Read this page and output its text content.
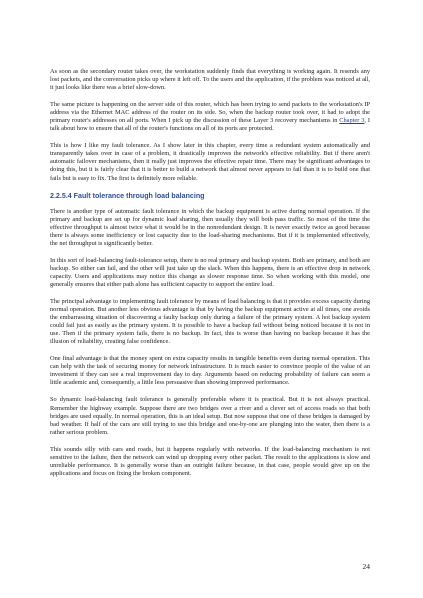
As soon as the secondary router takes over, the workstation suddenly finds that everything is working again. It resends any lost packets, and the conversation picks up where it left off. To the users and the application, if the problem was noticed at all, it just looks like there was a brief slow-down.

The same picture is happening on the server side of this router, which has been trying to send packets to the workstation's IP address via the Ethernet MAC address of the router on its side. So, when the backup router took over, it had to adopt the primary router's addresses on all ports. When I pick up the discussion of these Layer 3 recovery mechanisms in Chapter 3, I talk about how to ensure that all of the router's functions on all of its ports are protected.

This is how I like my fault tolerance. As I show later in this chapter, every time a redundant system automatically and transparently takes over in case of a problem, it drastically improves the network's effective reliability. But if there aren't automatic failover mechanisms, then it really just improves the effective repair time. There may be significant advantages to doing this, but it is fairly clear that it is better to build a network that almost never appears to fail than it is to build one that fails but is easy to fix. The first is definitely more reliable.

2.2.5.4 Fault tolerance through load balancing

There is another type of automatic fault tolerance in which the backup equipment is active during normal operation. If the primary and backup are set up for dynamic load sharing, then usually they will both pass traffic. So most of the time the effective throughput is almost twice what it would be in the nonredundant design. It is never exactly twice as good because there is always some inefficiency or lost capacity due to the load-sharing mechanisms. But if it is implemented effectively, the net throughput is significantly better.

In this sort of load-balancing fault-tolerance setup, there is no real primary and backup system. Both are primary, and both are backup. So either can fail, and the other will just take up the slack. When this happens, there is an effective drop in network capacity. Users and applications may notice this change as slower response time. So when working with this model, one generally ensures that either path alone has sufficient capacity to support the entire load.

The principal advantage to implementing fault tolerance by means of load balancing is that it provides excess capacity during normal operation. But another less obvious advantage is that by having the backup equipment active at all times, one avoids the embarrassing situation of discovering a faulty backup only during a failure of the primary system. A hot backup system could fail just as easily as the primary system. It is possible to have a backup fail without being noticed because it is not in use. Then if the primary system fails, there is no backup. In fact, this is worse than having no backup because it has the illusion of reliability, creating false confidence.

One final advantage is that the money spent on extra capacity results in tangible benefits even during normal operation. This can help with the task of securing money for network infrastructure. It is much easier to convince people of the value of an investment if they can see a real improvement day to day. Arguments based on reducing probability of failure can seem a little academic and, consequently, a little less persuasive than showing improved performance.

So dynamic load-balancing fault tolerance is generally preferable where it is practical. But it is not always practical. Remember the highway example. Suppose there are two bridges over a river and a clever set of access roads so that both bridges are used equally. In normal operation, this is an ideal setup. But now suppose that one of these bridges is damaged by bad weather. If half of the cars are still trying to use this bridge and one-by-one are plunging into the water, then there is a rather serious problem.

This sounds silly with cars and roads, but it happens regularly with networks. If the load-balancing mechanism is not sensitive to the failure, then the network can wind up dropping every other packet. The result to the applications is slow and unreliable performance. It is generally worse than an outright failure because, in that case, people would give up on the applications and focus on fixing the broken component.

24
